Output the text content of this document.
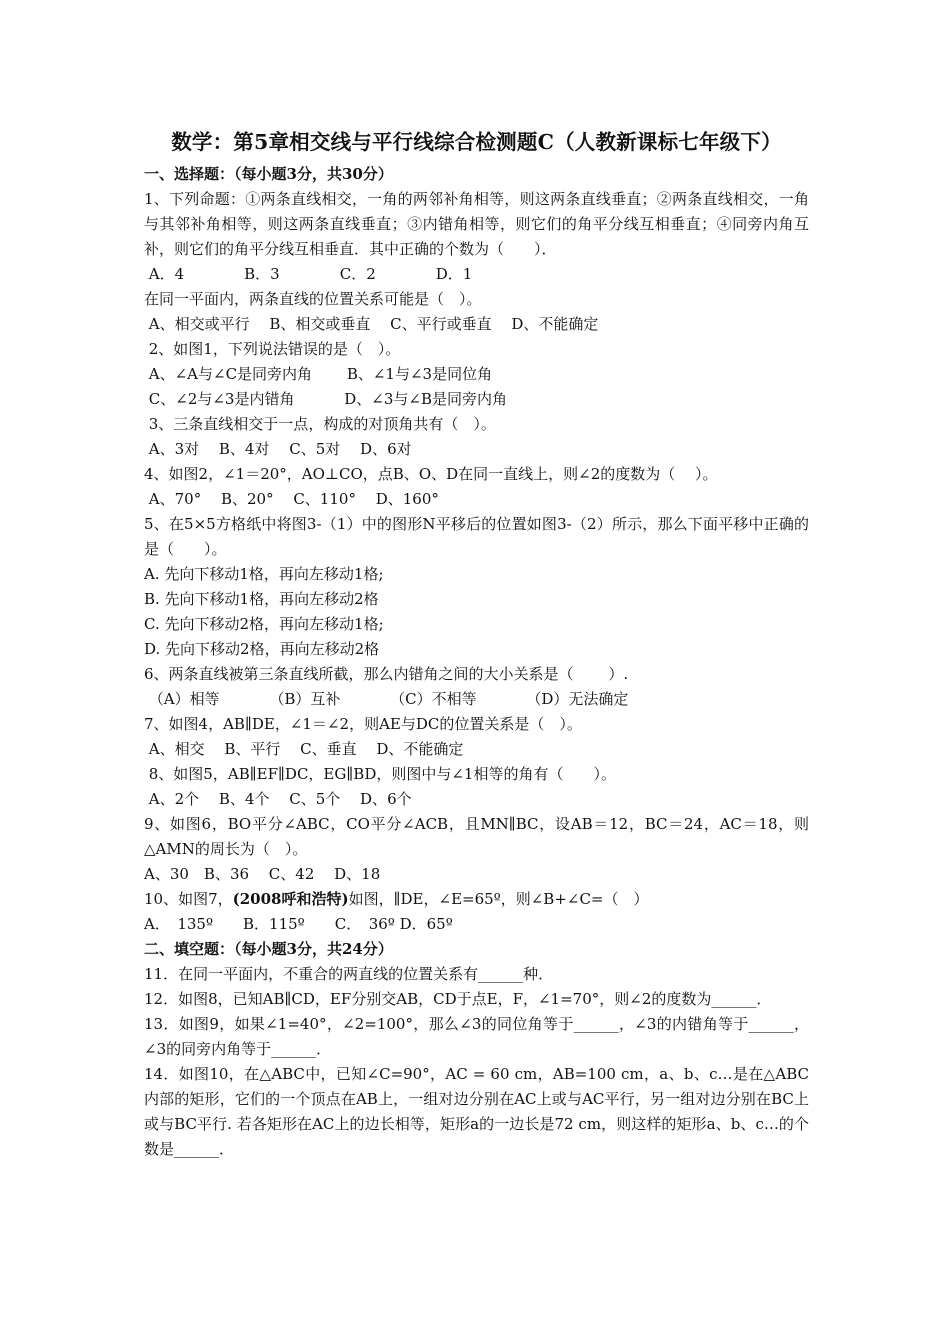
数学：第5章相交线与平行线综合检测题C（人教新课标七年级下）
一、选择题：（每小题3分，共30分）
1、下列命题：①两条直线相交，一角的两邻补角相等，则这两条直线垂直；②两条直线相交，一角与其邻补角相等，则这两条直线垂直；③内错角相等，则它们的角平分线互相垂直；④同旁内角互补，则它们的角平分线互相垂直．其中正确的个数为（　　）．
A．4　　　　B．3　　　　C．2　　　　D．1
在同一平面内，两条直线的位置关系可能是（　）。
A、相交或平行　 B、相交或垂直　 C、平行或垂直　 D、不能确定
2、如图1，下列说法错误的是（　）。
A、∠A与∠C是同旁内角　　 B、∠1与∠3是同位角
C、∠2与∠3是内错角　　　 D、∠3与∠B是同旁内角
3、三条直线相交于一点，构成的对顶角共有（　）。
A、3对　 B、4对　 C、5对　 D、6对
4、如图2，∠1＝20°，AO⊥CO，点B、O、D在同一直线上，则∠2的度数为（　 ）。
A、70°　 B、20°　 C、110°　 D、160°
5、在5×5方格纸中将图3-（1）中的图形N平移后的位置如图3-（2）所示，那么下面平移中正确的是（　　）。
A. 先向下移动1格，再向左移动1格;
B. 先向下移动1格，再向左移动2格
C. 先向下移动2格，再向左移动1格;
D. 先向下移动2格，再向左移动2格
6、两条直线被第三条直线所截，那么内错角之间的大小关系是（　　 ）.
（A）相等　　　 （B）互补　　　 （C）不相等　　　 （D）无法确定
7、如图4，AB∥DE，∠1＝∠2，则AE与DC的位置关系是（　）。
A、相交　 B、平行　 C、垂直　 D、不能确定
8、如图5，AB∥EF∥DC，EG∥BD，则图中与∠1相等的角有（　　）。
A、2个　 B、4个　 C、5个　 D、6个
9、如图6，BO平分∠ABC，CO平分∠ACB，且MN∥BC，设AB＝12，BC＝24，AC＝18，则△AMN的周长为（　）。
A、30　B、36　 C、42　 D、18
10、如图7，(2008呼和浩特)如图，∥DE，∠E=65º，则∠B+∠C=（　）
A．　135º　　B．115º　　C．　36º D．65º
二、填空题：（每小题3分，共24分）
11．在同一平面内，不重合的两直线的位置关系有______种．
12．如图8，已知AB∥CD，EF分别交AB，CD于点E，F，∠1=70°，则∠2的度数为______．
13．如图9，如果∠1=40°，∠2=100°，那么∠3的同位角等于______，∠3的内错角等于______，∠3的同旁内角等于______．
14．如图10，在△ABC中，已知∠C=90°，AC = 60 cm，AB=100 cm，a、b、c…是在△ABC内部的矩形，它们的一个顶点在AB上，一组对边分别在AC上或与AC平行，另一组对边分别在BC上或与BC平行. 若各矩形在AC上的边长相等，矩形a的一边长是72 cm，则这样的矩形a、b、c…的个数是______．
